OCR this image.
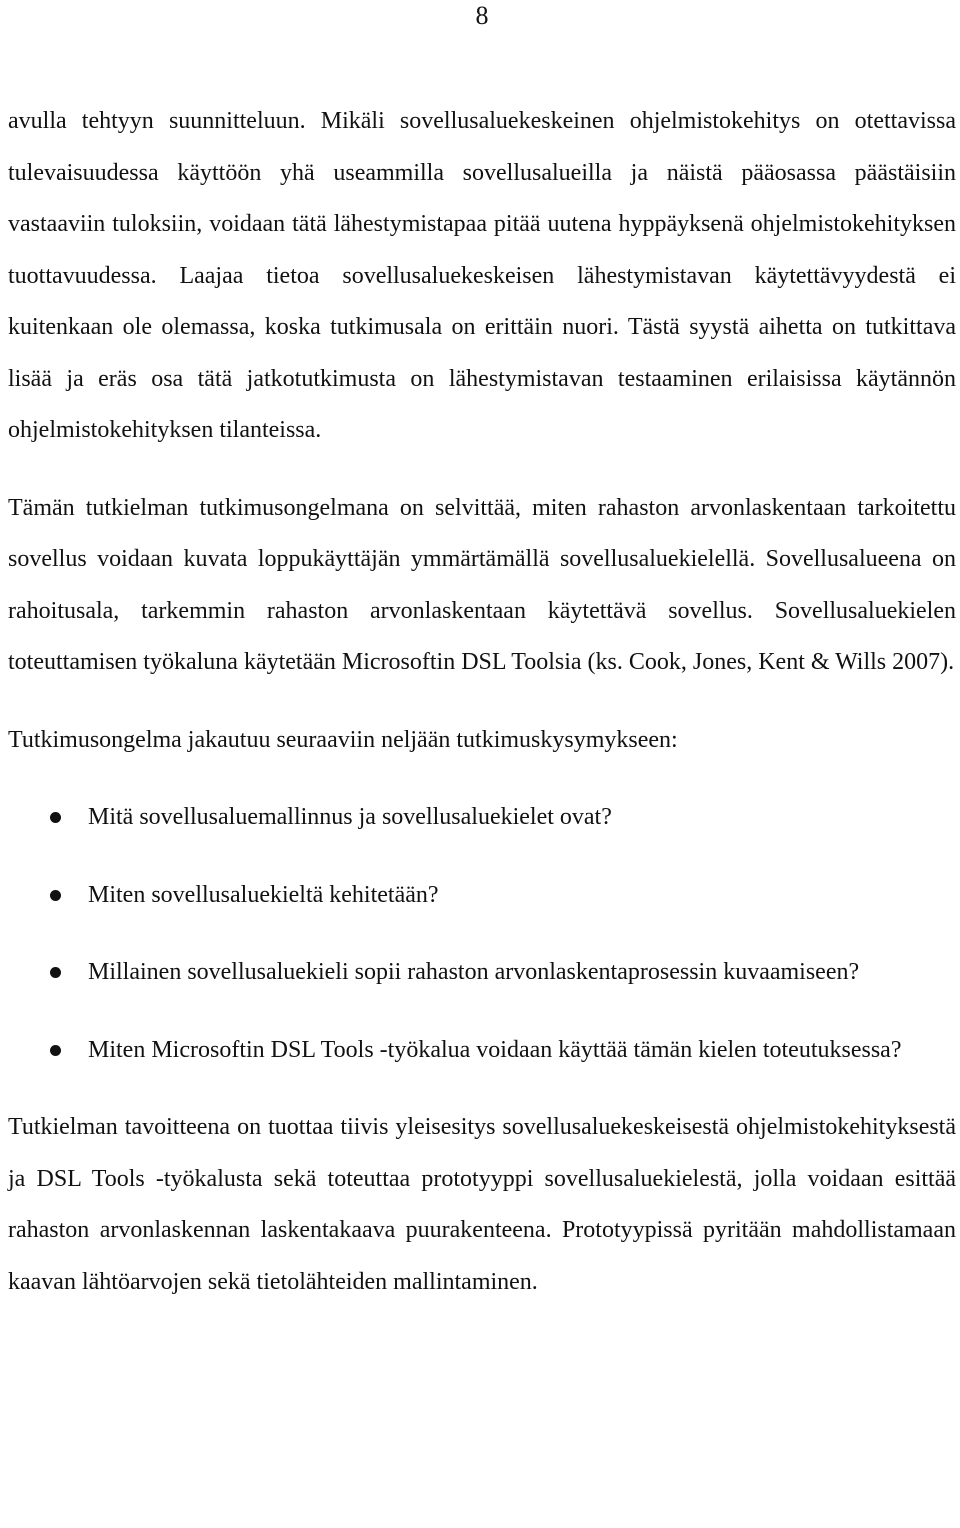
8

avulla tehtyyn suunnitteluun. Mikäli sovellusaluekeskeinen ohjelmistokehitys on otettavissa tulevaisuudessa käyttöön yhä useammilla sovellusalueilla ja näistä pääosassa päästäisiin vastaaviin tuloksiin, voidaan tätä lähestymistapaa pitää uutena hyppäyksenä ohjelmistokehityksen tuottavuudessa. Laajaa tietoa sovellusaluekeskeisen lähestymistavan käytettävyydestä ei kuitenkaan ole olemassa, koska tutkimusala on erittäin nuori. Tästä syystä aihetta on tutkittava lisää ja eräs osa tätä jatkotutkimusta on lähestymistavan testaaminen erilaisissa käytännön ohjelmistokehityksen tilanteissa.

Tämän tutkielman tutkimusongelmana on selvittää, miten rahaston arvonlaskentaan tarkoitettu sovellus voidaan kuvata loppukäyttäjän ymmärtämällä sovellusaluekielellä. Sovellusalueena on rahoitusala, tarkemmin rahaston arvonlaskentaan käytettävä sovellus. Sovellusaluekielen toteuttamisen työkaluna käytetään Microsoftin DSL Toolsia (ks. Cook, Jones, Kent & Wills 2007).

Tutkimusongelma jakautuu seuraaviin neljään tutkimuskysymykseen:

Mitä sovellusaluemallinnus ja sovellusaluekielet ovat?
Miten sovellusaluekieltä kehitetään?
Millainen sovellusaluekieli sopii rahaston arvonlaskentaprosessin kuvaamiseen?
Miten Microsoftin DSL Tools -työkalua voidaan käyttää tämän kielen toteutuksessa?

Tutkielman tavoitteena on tuottaa tiivis yleisesitys sovellusaluekeskeisestä ohjelmistokehityksestä ja DSL Tools -työkalusta sekä toteuttaa prototyyppi sovellusaluekielestä, jolla voidaan esittää rahaston arvonlaskennan laskentakaava puurakenteena. Prototyypissä pyritään mahdollistamaan kaavan lähtöarvojen sekä tietolähteiden mallintaminen.
